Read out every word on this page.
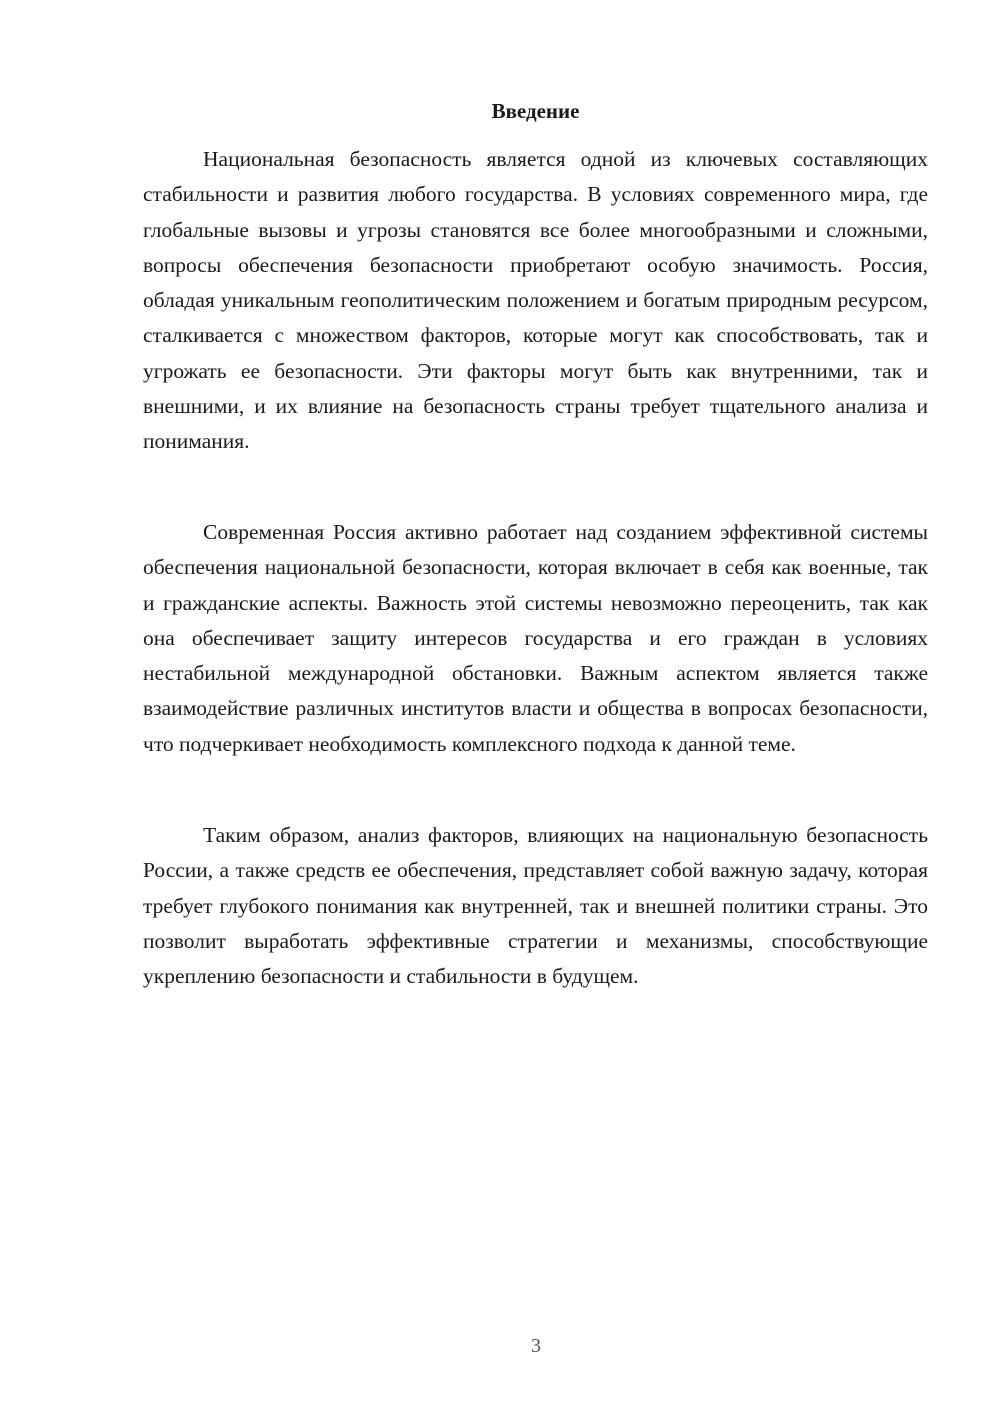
Введение

Национальная безопасность является одной из ключевых составляющих стабильности и развития любого государства. В условиях современного мира, где глобальные вызовы и угрозы становятся все более многообразными и сложными, вопросы обеспечения безопасности приобретают особую значимость. Россия, обладая уникальным геополитическим положением и богатым природным ресурсом, сталкивается с множеством факторов, которые могут как способствовать, так и угрожать ее безопасности. Эти факторы могут быть как внутренними, так и внешними, и их влияние на безопасность страны требует тщательного анализа и понимания.

Современная Россия активно работает над созданием эффективной системы обеспечения национальной безопасности, которая включает в себя как военные, так и гражданские аспекты. Важность этой системы невозможно переоценить, так как она обеспечивает защиту интересов государства и его граждан в условиях нестабильной международной обстановки. Важным аспектом является также взаимодействие различных институтов власти и общества в вопросах безопасности, что подчеркивает необходимость комплексного подхода к данной теме.

Таким образом, анализ факторов, влияющих на национальную безопасность России, а также средств ее обеспечения, представляет собой важную задачу, которая требует глубокого понимания как внутренней, так и внешней политики страны. Это позволит выработать эффективные стратегии и механизмы, способствующие укреплению безопасности и стабильности в будущем.

3
